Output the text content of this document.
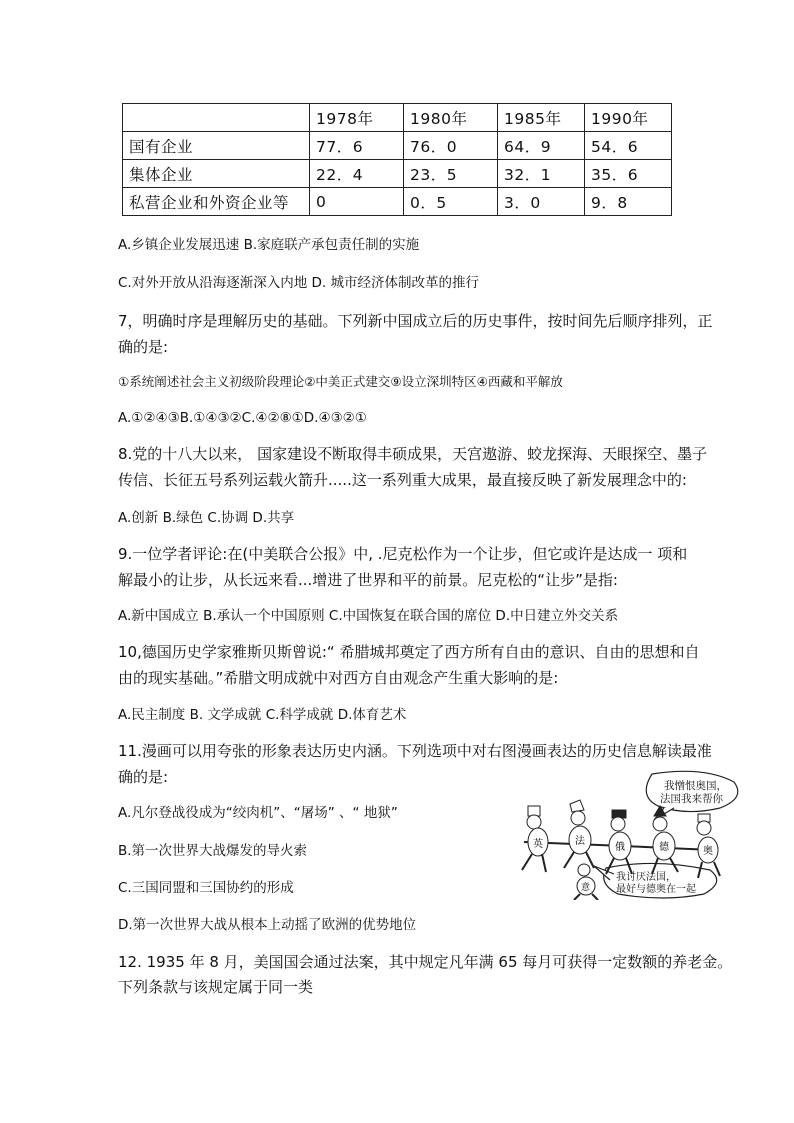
	1978年	1980年	1985年	1990年
国有企业	77．6	76．0	64．9	54．6
集体企业	22．4	23．5	32．1	35．6
私营企业和外资企业等	0	0．5	3．0	9．8
A.乡镇企业发展迅速 B.家庭联产承包责任制的实施
C.对外开放从沿海逐渐深入内地 D. 城市经济体制改革的推行
7，明确时序是理解历史的基础。下列新中国成立后的历史事件，按时间先后顺序排列，正
确的是:
①系统阐述社会主义初级阶段理论②中美正式建交⑨设立深圳特区④西藏和平解放
A.①②④③B.①④③②C.④②⑧①D.④③②①
8.党的十八大以来， 国家建设不断取得丰硕成果，天宫遨游、蛟龙探海、天眼探空、墨子
传信、长征五号系列运载火箭升.....这一系列重大成果，最直接反映了新发展理念中的:
A.创新 B.绿色 C.协调 D.共享
9.一位学者评论:在(中美联合公报》中, .尼克松作为一个让步，但它或许是达成一 项和
解最小的让步，从长远来看...增进了世界和平的前景。尼克松的“让步”是指:
A.新中国成立 B.承认一个中国原则 C.中国恢复在联合国的席位 D.中日建立外交关系
10,德国历史学家雅斯贝斯曾说:“ 希腊城邦奠定了西方所有自由的意识、自由的思想和自
由的现实基础。”希腊文明成就中对西方自由观念产生重大影响的是:
A.民主制度 B. 文学成就 C.科学成就 D.体育艺术
11.漫画可以用夸张的形象表达历史内涵。下列选项中对右图漫画表达的历史信息解读最准
确的是:
A.凡尔登战役成为“绞肉机”、“屠场” 、“ 地狱”
B.第一次世界大战爆发的导火索
C.三国同盟和三国协约的形成
D.第一次世界大战从根本上动摇了欧洲的优势地位
12. 1935 年 8 月，美国国会通过法案，其中规定凡年满 65 每月可获得一定数额的养老金。
下列条款与该规定属于同一类
我憎恨奥国，
法国我来帮你
我讨厌法国，
最好与德奥在一起
英	法
俄	德	奥
意
